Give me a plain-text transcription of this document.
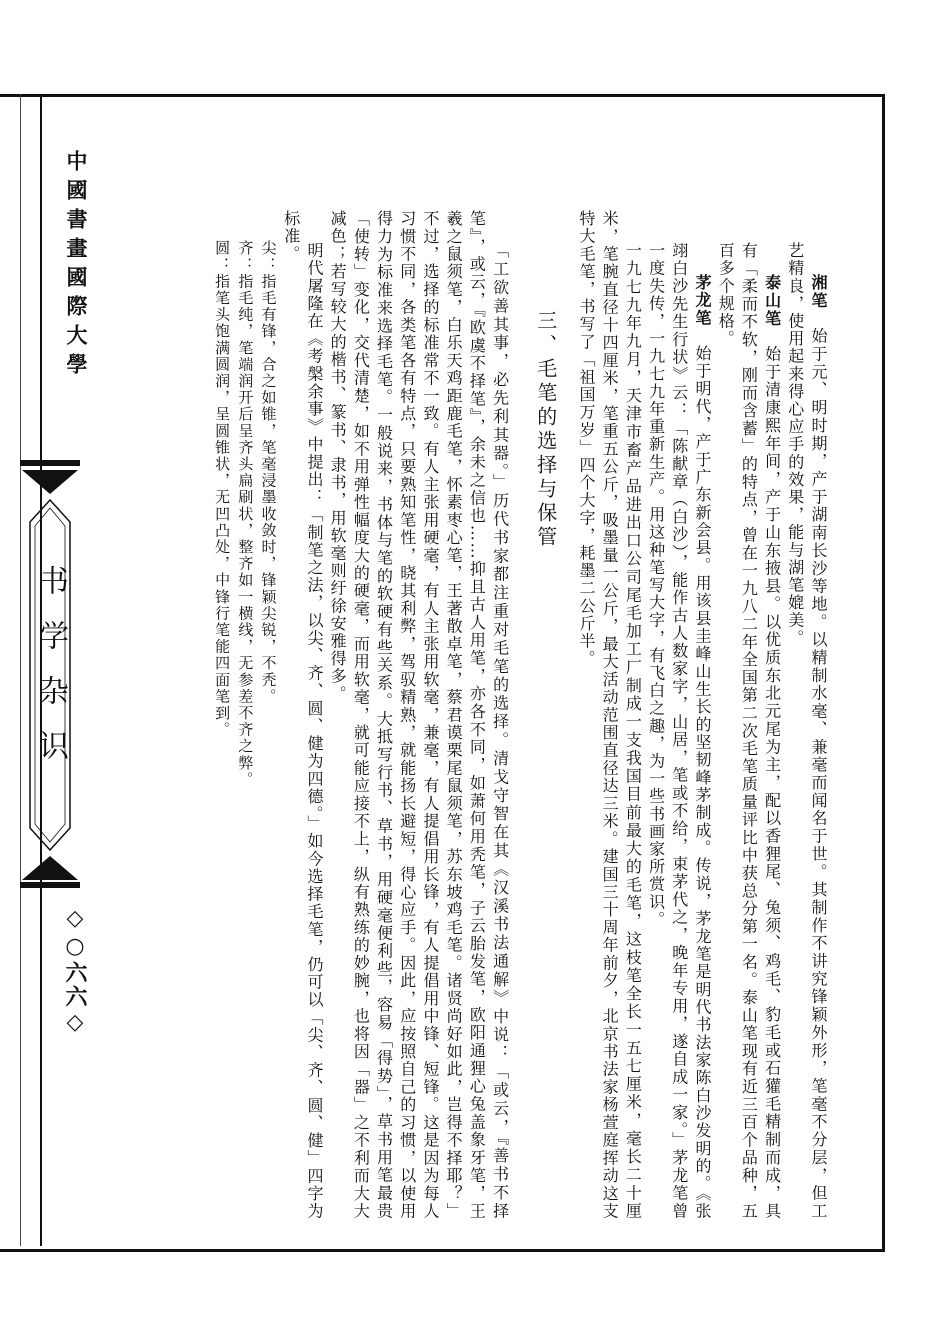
中國書畫國際大學
书学杂识
◇○六六◇

湘笔　始于元、明时期，产于湖南长沙等地。以精制水毫、兼毫而闻名于世。其制作不讲究锋颖外形，笔毫不分层，但工艺精良，使用起来得心应手的效果，能与湖笔媲美。

泰山笔　始于清康熙年间，产于山东掖县。以优质东北元尾为主，配以香狸尾、兔须、鸡毛、豹毛或石獾毛精制而成，具有「柔而不软，刚而含蓄」的特点，曾在一九八二年全国第二次毛笔质量评比中获总分第一名。泰山笔现有近三百个品种，五百多个规格。

茅龙笔　始于明代，产于广东新会县。用该县圭峰山生长的坚韧峰茅制成。传说，茅龙笔是明代书法家陈白沙发明的。《张翊白沙先生行状》云：「陈献章（白沙），能作古人数家字，山居，笔或不给，束茅代之，晚年专用，遂自成一家。」茅龙笔曾一度失传，一九七九年重新生产。用这种笔写大字，有飞白之趣，为一些书画家所赏识。

一九七九年九月，天津市畜产品进出口公司尾毛加工厂制成一支我国目前最大的毛笔，这枝笔全长一五七厘米，毫长二十厘米，笔腕直径十四厘米，笔重五公斤，吸墨量一公斤，最大活动范围直径达三米。建国三十周年前夕，北京书法家杨萱庭挥动这支特大毛笔，书写了「祖国万岁」四个大字，耗墨二公斤半。

三、毛笔的选择与保管

「工欲善其事，必先利其器。」历代书家都注重对毛笔的选择。清戈守智在其《汉溪书法通解》中说：「或云，『善书不择笔』，或云，『欧虞不择笔』，余未之信也……抑且古人用笔，亦各不同，如萧何用秃笔，子云胎发笔，欧阳通狸心兔盖象牙笔，王羲之鼠须笔，白乐天鸡距鹿毛笔，怀素枣心笔，王著散卓笔，蔡君谟栗尾鼠须笔，苏东坡鸡毛笔。诸贤尚好如此，岂得不择耶？」不过，选择的标准常不一致。有人主张用硬毫，有人主张用软毫，兼毫，有人提倡用长锋，有人提倡用中锋、短锋。这是因为每人习惯不同，各类笔各有特点，只要熟知笔性，晓其利弊，驾驭精熟，就能扬长避短，得心应手。因此，应按照自己的习惯，以使用得力为标准来选择毛笔。一般说来，书体与笔的软硬有些关系。大抵写行书、草书，用硬毫便利些，容易「得势」，草书用笔最贵「使转」变化，交代清楚，如不用弹性幅度大的硬毫，而用软毫，就可能应接不上，纵有熟练的妙腕，也将因「器」之不利而大大减色；若写较大的楷书、篆书、隶书，用软毫则纡徐安雅得多。

明代屠隆在《考槃余事》中提出：「制笔之法，以尖、齐、圆、健为四德。」如今选择毛笔，仍可以「尖、齐、圆、健」四字为标准。

尖：指毛有锋，合之如锥，笔毫浸墨收敛时，锋颖尖锐，不秃。

齐：指毛纯，笔端润开后呈齐头扁刷状，整齐如一横线，无参差不齐之弊。

圆：指笔头饱满圆润，呈圆锥状，无凹凸处，中锋行笔能四面笔到。
